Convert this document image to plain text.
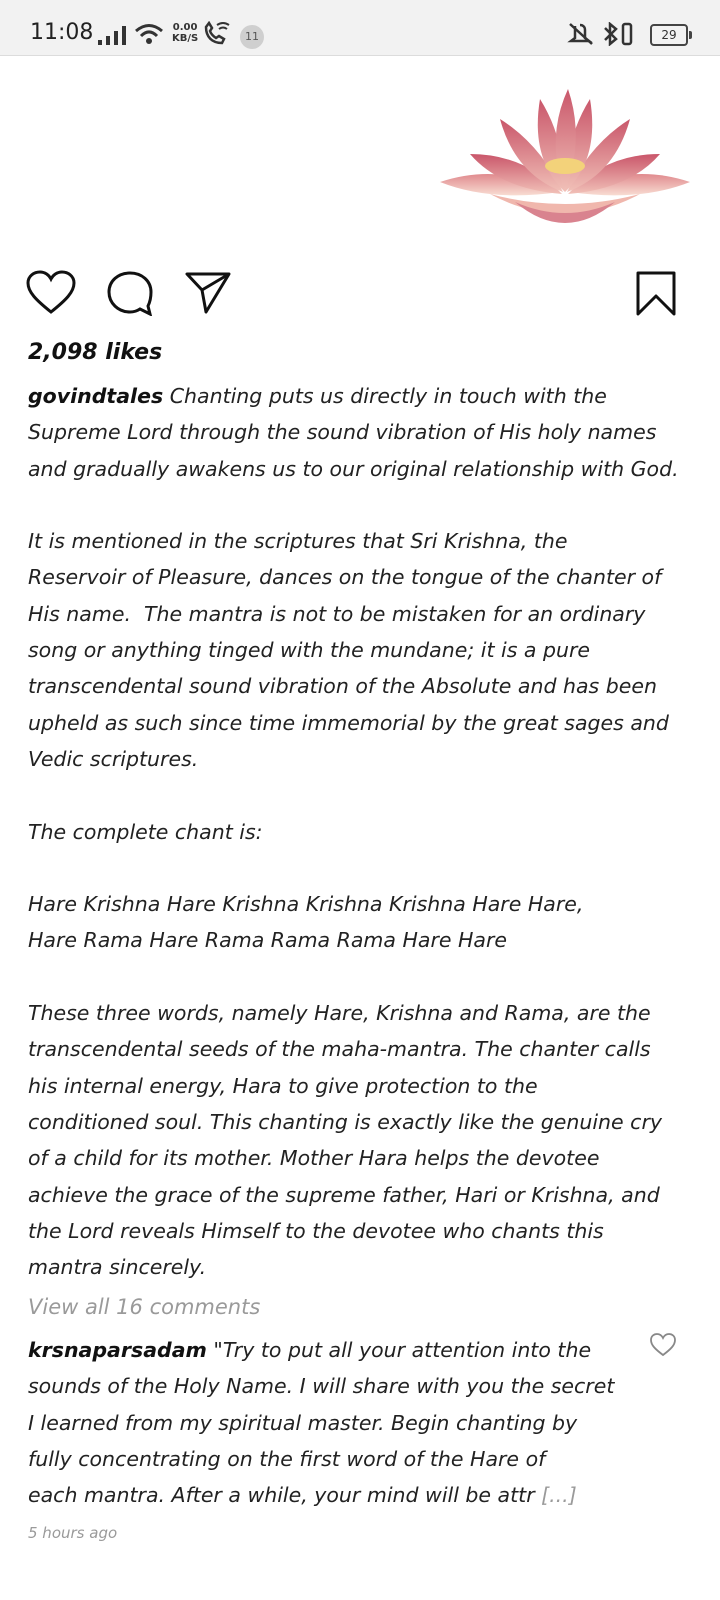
11:08	0.00
KB/S	11	29
2,098 likes

govindtales Chanting puts us directly in touch with the
Supreme Lord through the sound vibration of His holy names
and gradually awakens us to our original relationship with God.

It is mentioned in the scriptures that Sri Krishna, the
Reservoir of Pleasure, dances on the tongue of the chanter of
His name.  The mantra is not to be mistaken for an ordinary
song or anything tinged with the mundane; it is a pure
transcendental sound vibration of the Absolute and has been
upheld as such since time immemorial by the great sages and
Vedic scriptures.

The complete chant is:

Hare Krishna Hare Krishna Krishna Krishna Hare Hare,
Hare Rama Hare Rama Rama Rama Hare Hare

These three words, namely Hare, Krishna and Rama, are the
transcendental seeds of the maha-mantra. The chanter calls
his internal energy, Hara to give protection to the
conditioned soul. This chanting is exactly like the genuine cry
of a child for its mother. Mother Hara helps the devotee
achieve the grace of the supreme father, Hari or Krishna, and
the Lord reveals Himself to the devotee who chants this
mantra sincerely.

View all 16 comments

krsnaparsadam "Try to put all your attention into the
sounds of the Holy Name. I will share with you the secret
I learned from my spiritual master. Begin chanting by
fully concentrating on the first word of the Hare of
each mantra. After a while, your mind will be attr [...]

5 hours ago
